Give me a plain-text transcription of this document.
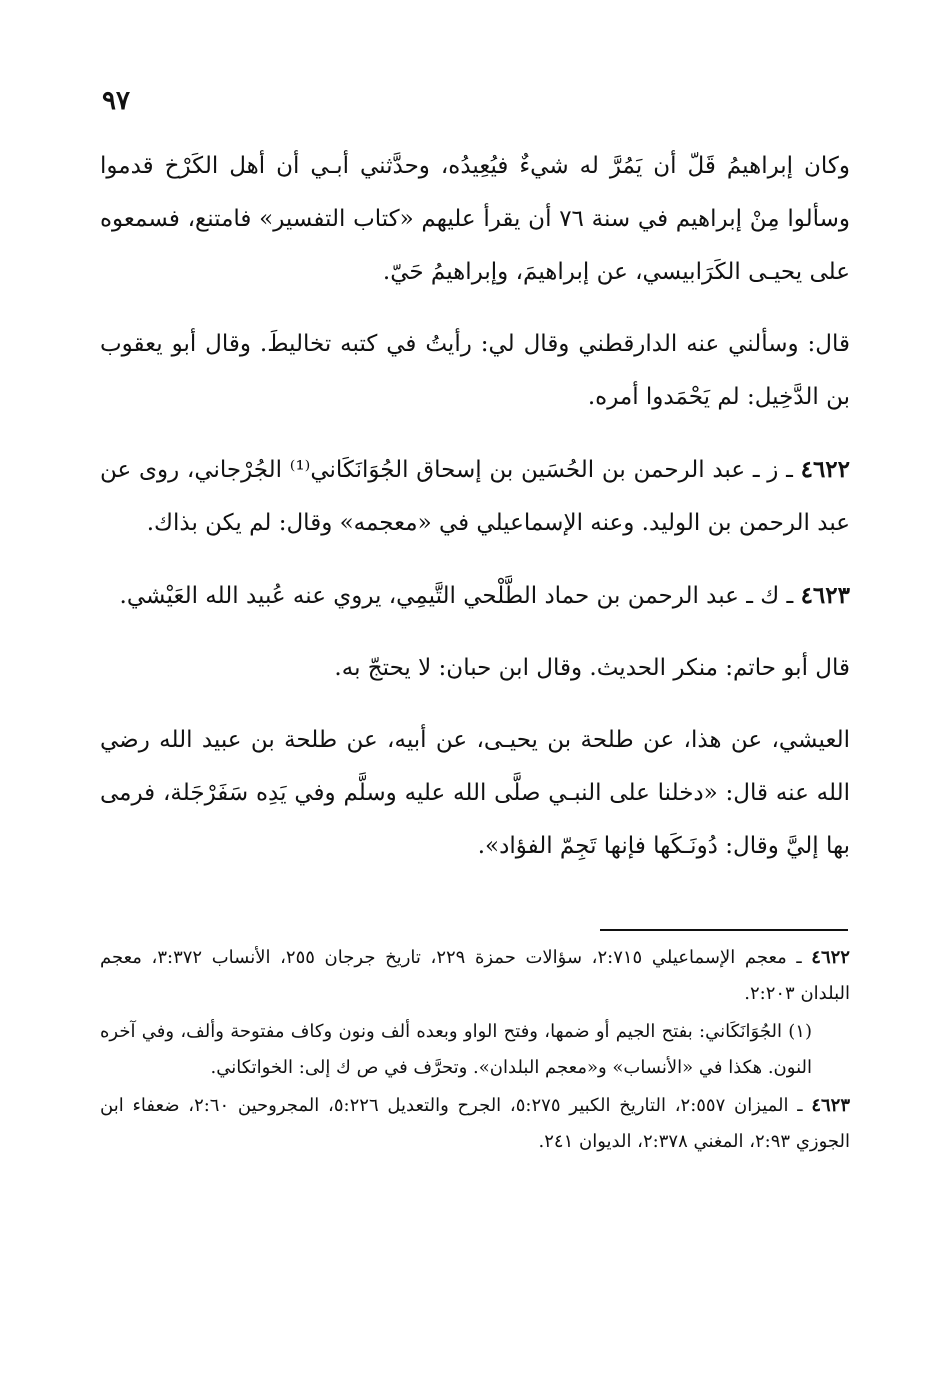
٩٧

وكان إبراهيمُ قَلّ أن يَمُرَّ له شيءٌ فيُعِيدُه، وحدَّثني أبـي أن أهل الكَرْخ قدموا وسألوا مِنْ إبراهيم في سنة ٧٦ أن يقرأ عليهم «كتاب التفسير» فامتنع، فسمعوه على يحيـى الكَرَابيسي، عن إبراهيمَ، وإبراهيمُ حَيّ.

قال: وسألني عنه الدارقطني وقال لي: رأيتُ في كتبه تخاليطَ. وقال أبو يعقوب بن الدَّخِيل: لم يَحْمَدوا أمره.

٤٦٢٢ ـ ز ـ عبد الرحمن بن الحُسَين بن إسحاق الجُوَانَكَاني⁽¹⁾ الجُرْجاني، روى عن عبد الرحمن بن الوليد. وعنه الإسماعيلي في «معجمه» وقال: لم يكن بذاك.

٤٦٢٣ ـ ك ـ عبد الرحمن بن حماد الطَّلْحي التَّيمِي، يروي عنه عُبيد الله العَيْشي.

قال أبو حاتم: منكر الحديث. وقال ابن حبان: لا يحتجّ به.

العيشي، عن هذا، عن طلحة بن يحيـى، عن أبيه، عن طلحة بن عبيد الله رضي الله عنه قال: «دخلنا على النبـي صلَّى الله عليه وسلَّم وفي يَدِه سَفَرْجَلة، فرمى بها إليَّ وقال: دُونَـكَها فإنها تَجِمّ الفؤاد».

٤٦٢٢ ـ معجم الإسماعيلي ٢:٧١٥، سؤالات حمزة ٢٢٩، تاريخ جرجان ٢٥٥، الأنساب ٣:٣٧٢، معجم البلدان ٢:٢٠٣.

(١) الجُوَانَكَاني: بفتح الجيم أو ضمها، وفتح الواو وبعده ألف ونون وكاف مفتوحة وألف، وفي آخره النون. هكذا في «الأنساب» و«معجم البلدان». وتحرَّف في ص ك إلى: الخواتكاني.

٤٦٢٣ ـ الميزان ٢:٥٥٧، التاريخ الكبير ٥:٢٧٥، الجرح والتعديل ٥:٢٢٦، المجروحين ٢:٦٠، ضعفاء ابن الجوزي ٢:٩٣، المغني ٢:٣٧٨، الديوان ٢٤١.
